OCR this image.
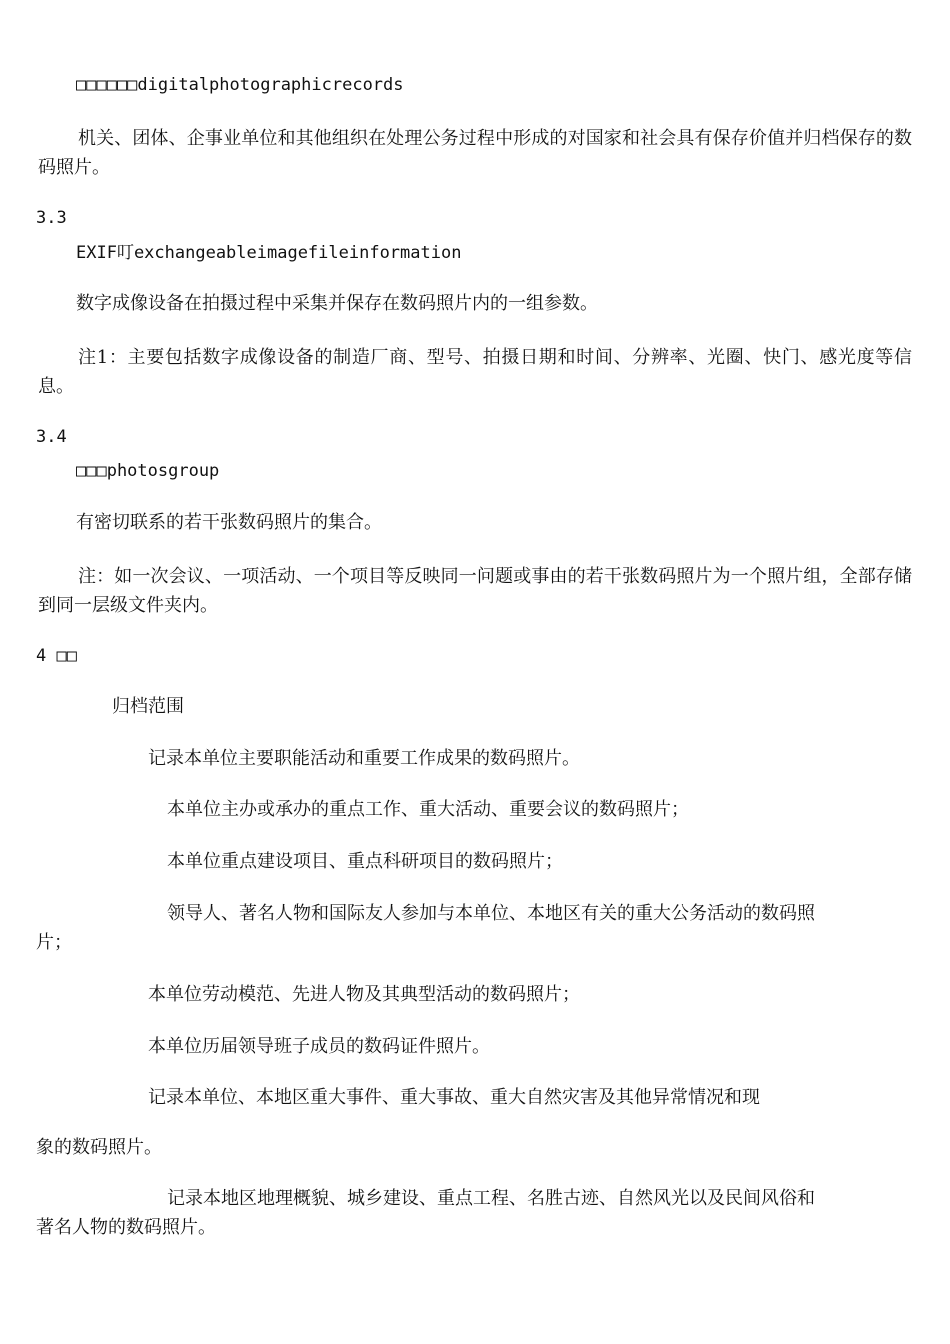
□□□□□□digitalphotographicrecords

机关、团体、企事业单位和其他组织在处理公务过程中形成的对国家和社会具有保存价值并归档保存的数码照片。

3.3

EXIF叮exchangeableimagefileinformation

数字成像设备在拍摄过程中采集并保存在数码照片内的一组参数。

注1：主要包括数字成像设备的制造厂商、型号、拍摄日期和时间、分辨率、光圈、快门、感光度等信息。

3.4

□□□photosgroup

有密切联系的若干张数码照片的集合。

注：如一次会议、一项活动、一个项目等反映同一问题或事由的若干张数码照片为一个照片组，全部存储到同一层级文件夹内。

4 □□

归档范围

记录本单位主要职能活动和重要工作成果的数码照片。

本单位主办或承办的重点工作、重大活动、重要会议的数码照片；

本单位重点建设项目、重点科研项目的数码照片；

领导人、著名人物和国际友人参加与本单位、本地区有关的重大公务活动的数码照

片；

本单位劳动模范、先进人物及其典型活动的数码照片；

本单位历届领导班子成员的数码证件照片。

记录本单位、本地区重大事件、重大事故、重大自然灾害及其他异常情况和现

象的数码照片。

记录本地区地理概貌、城乡建设、重点工程、名胜古迹、自然风光以及民间风俗和

著名人物的数码照片。
